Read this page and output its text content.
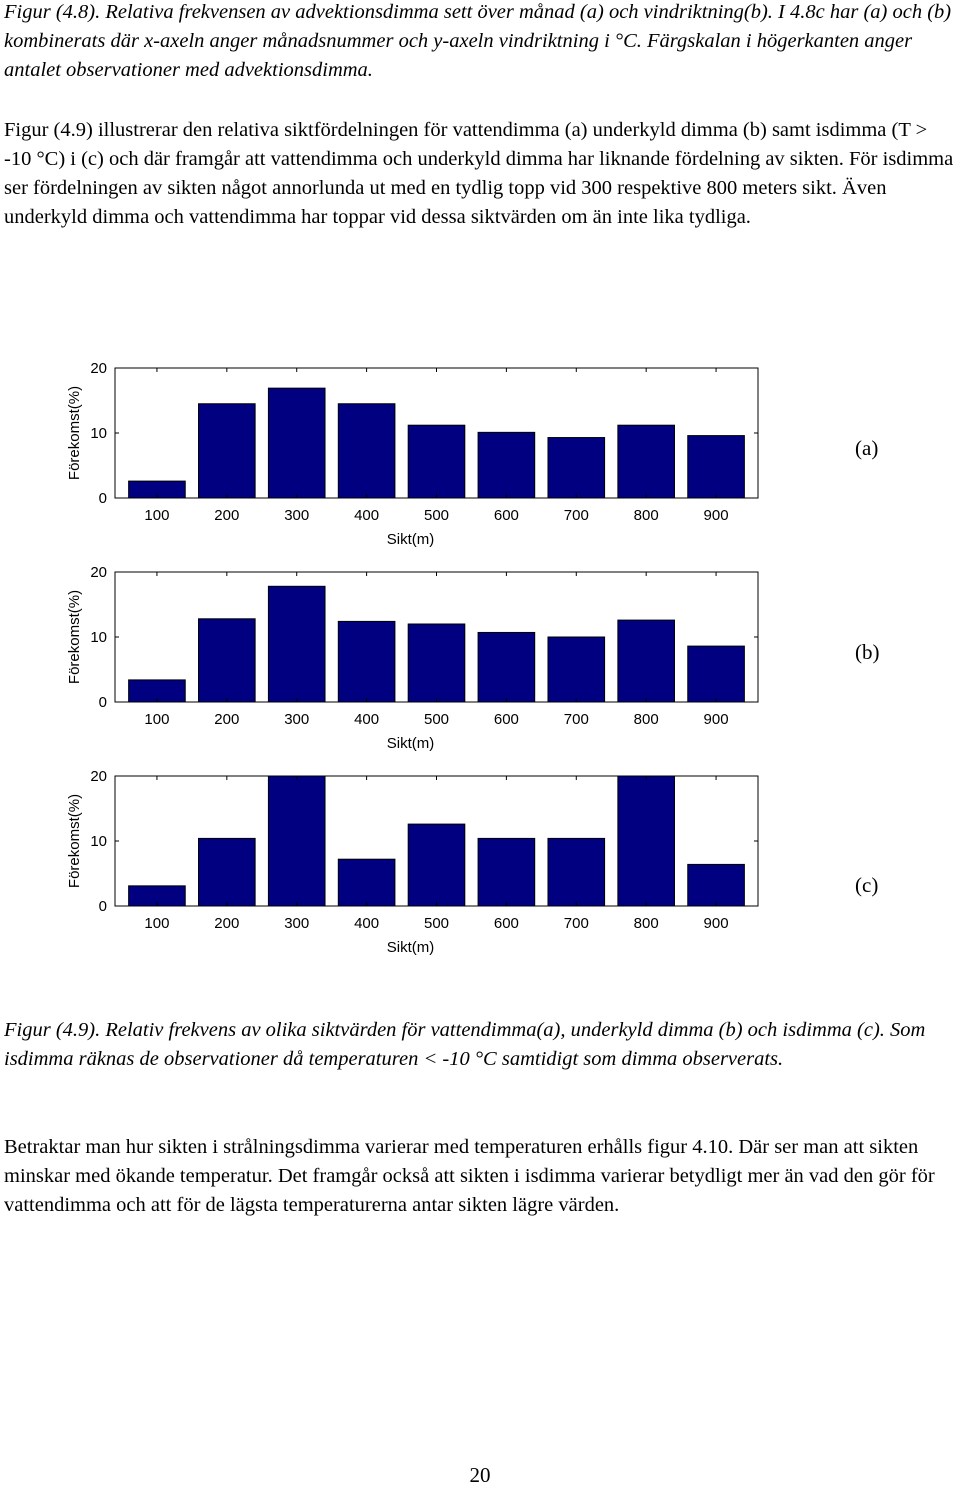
Figur (4.8). Relativa frekvensen av advektionsdimma sett över månad (a) och vindriktning(b). I 4.8c har (a) och (b) kombinerats där x-axeln anger månadsnummer och y-axeln vindriktning i °C. Färgskalan i högerkanten anger antalet observationer med advektionsdimma.

Figur (4.9) illustrerar den relativa siktfördelningen för vattendimma (a) underkyld dimma (b) samt isdimma (T > -10 °C) i (c) och där framgår att vattendimma och underkyld dimma har liknande fördelning av sikten. För isdimma ser fördelningen av sikten något annorlunda ut med en tydlig topp vid 300 respektive 800 meters sikt. Även underkyld dimma och vattendimma har toppar vid dessa siktvärden om än inte lika tydliga.

100	200	300	400	500	600	700	800	900
0
10
20
Sikt(m)
Förekomst(%)	(a)
100	200	300	400	500	600	700	800	900
0
10
20
Sikt(m)
Förekomst(%)	(b)
100	200	300	400	500	600	700	800	900
0
10
20
Sikt(m)
Förekomst(%)	(c)

Figur (4.9). Relativ frekvens av olika siktvärden för vattendimma(a), underkyld dimma (b) och isdimma (c). Som isdimma räknas de observationer då temperaturen < -10 °C samtidigt som dimma observerats.

Betraktar man hur sikten i strålningsdimma varierar med temperaturen erhålls figur 4.10. Där ser man att sikten minskar med ökande temperatur. Det framgår också att sikten i isdimma varierar betydligt mer än vad den gör för vattendimma och att för de lägsta temperaturerna antar sikten lägre värden.

20
